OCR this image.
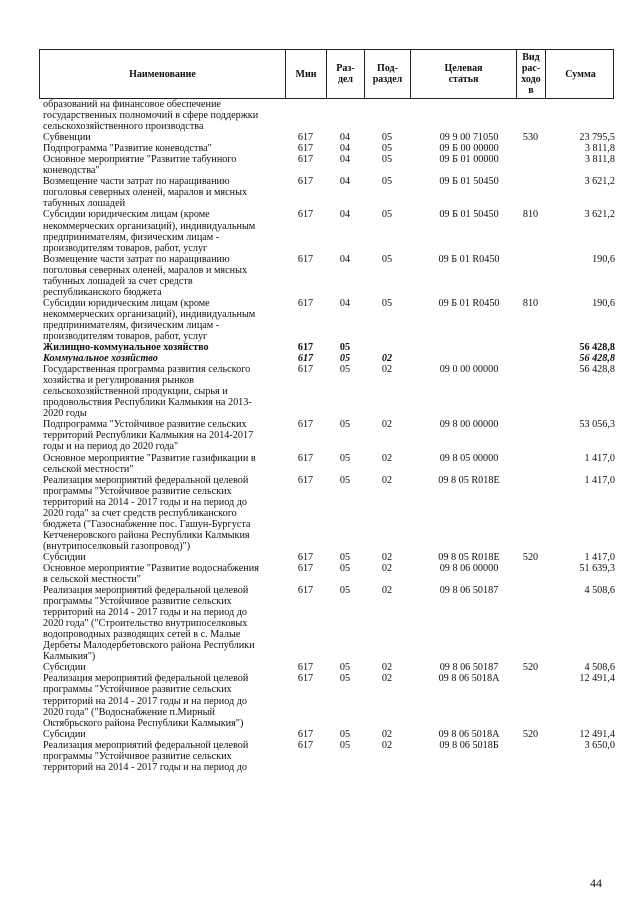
Наименование	Мин	Раз-
дел
Под-
раздел
Целевая
статья
Вид
рас-
ходо
в
Сумма
образований на финансовое обеспечение
государственных полномочий в сфере поддержки
сельскохозяйственного производства
Субвенции	617	04	05	09 9 00 71050	530	23 795,5
Подпрограмма "Развитие коневодства"	617	04	05	09 Б 00 00000	3 811,8
Основное мероприятие "Развитие табунного
коневодства"
617	04	05	09 Б 01 00000	3 811,8
Возмещение части затрат по наращиванию
поголовья северных оленей, маралов и мясных
табунных лошадей
617	04	05	09 Б 01 50450	3 621,2
Субсидии юридическим лицам (кроме
некоммерческих организаций), индивидуальным
предпринимателям, физическим лицам -
производителям товаров, работ, услуг
617	04	05	09 Б 01 50450	810	3 621,2
Возмещение части затрат по наращиванию
поголовья северных оленей, маралов и мясных
табунных лошадей за счет средств
республиканского бюджета
617	04	05	09 Б 01 R0450	190,6
Субсидии юридическим лицам (кроме
некоммерческих организаций), индивидуальным
предпринимателям, физическим лицам -
производителям товаров, работ, услуг
617	04	05	09 Б 01 R0450	810	190,6
Жилищно-коммунальное хозяйство	617	05	56 428,8
Коммунальное хозяйство	617	05	02	56 428,8
Государственная программа развития сельского
хозяйства и регулирования рынков
сельскохозяйственной продукции, сырья и
продовольствия Республики Калмыкия на 2013-
2020 годы
617	05	02	09 0 00 00000	56 428,8
Подпрограмма "Устойчивое развитие сельских
территорий Республики Калмыкия на 2014-2017
годы и на период до 2020 года"
617	05	02	09 8 00 00000	53 056,3
Основное мероприятие "Развитие газификации в
сельской местности"
617	05	02	09 8 05 00000	1 417,0
Реализация мероприятий федеральной целевой
программы "Устойчивое развитие сельских
территорий на 2014 - 2017 годы и на период до
2020 года" за счет средств республиканского
бюджета ("Газоснабжение пос. Гашун-Бургуста
Кетченеровского района Республики Калмыкия
(внутрипоселковый газопровод)")
617	05	02	09 8 05 R018E	1 417,0
Субсидии	617	05	02	09 8 05 R018E	520	1 417,0
Основное мероприятие "Развитие водоснабжения
в сельской местности"
617	05	02	09 8 06 00000	51 639,3
Реализация мероприятий федеральной целевой
программы "Устойчивое развитие сельских
территорий на 2014 - 2017 годы и на период до
2020 года" ("Строительство внутрипоселковых
водопроводных разводящих сетей в с. Малые
Дербеты Малодербетовского района Республики
Калмыкия")
617	05	02	09 8 06 50187	4 508,6
Субсидии	617	05	02	09 8 06 50187	520	4 508,6
Реализация мероприятий федеральной целевой
программы "Устойчивое развитие сельских
территорий на 2014 - 2017 годы и на период до
2020 года" ("Водоснабжение п.Мирный
Октябрьского района Республики Калмыкия")
617	05	02	09 8 06 5018А	12 491,4
Субсидии	617	05	02	09 8 06 5018А	520	12 491,4
Реализация мероприятий федеральной целевой
программы "Устойчивое развитие сельских
территорий на 2014 - 2017 годы и на период до
617	05	02	09 8 06 5018Б	3 650,0
44
